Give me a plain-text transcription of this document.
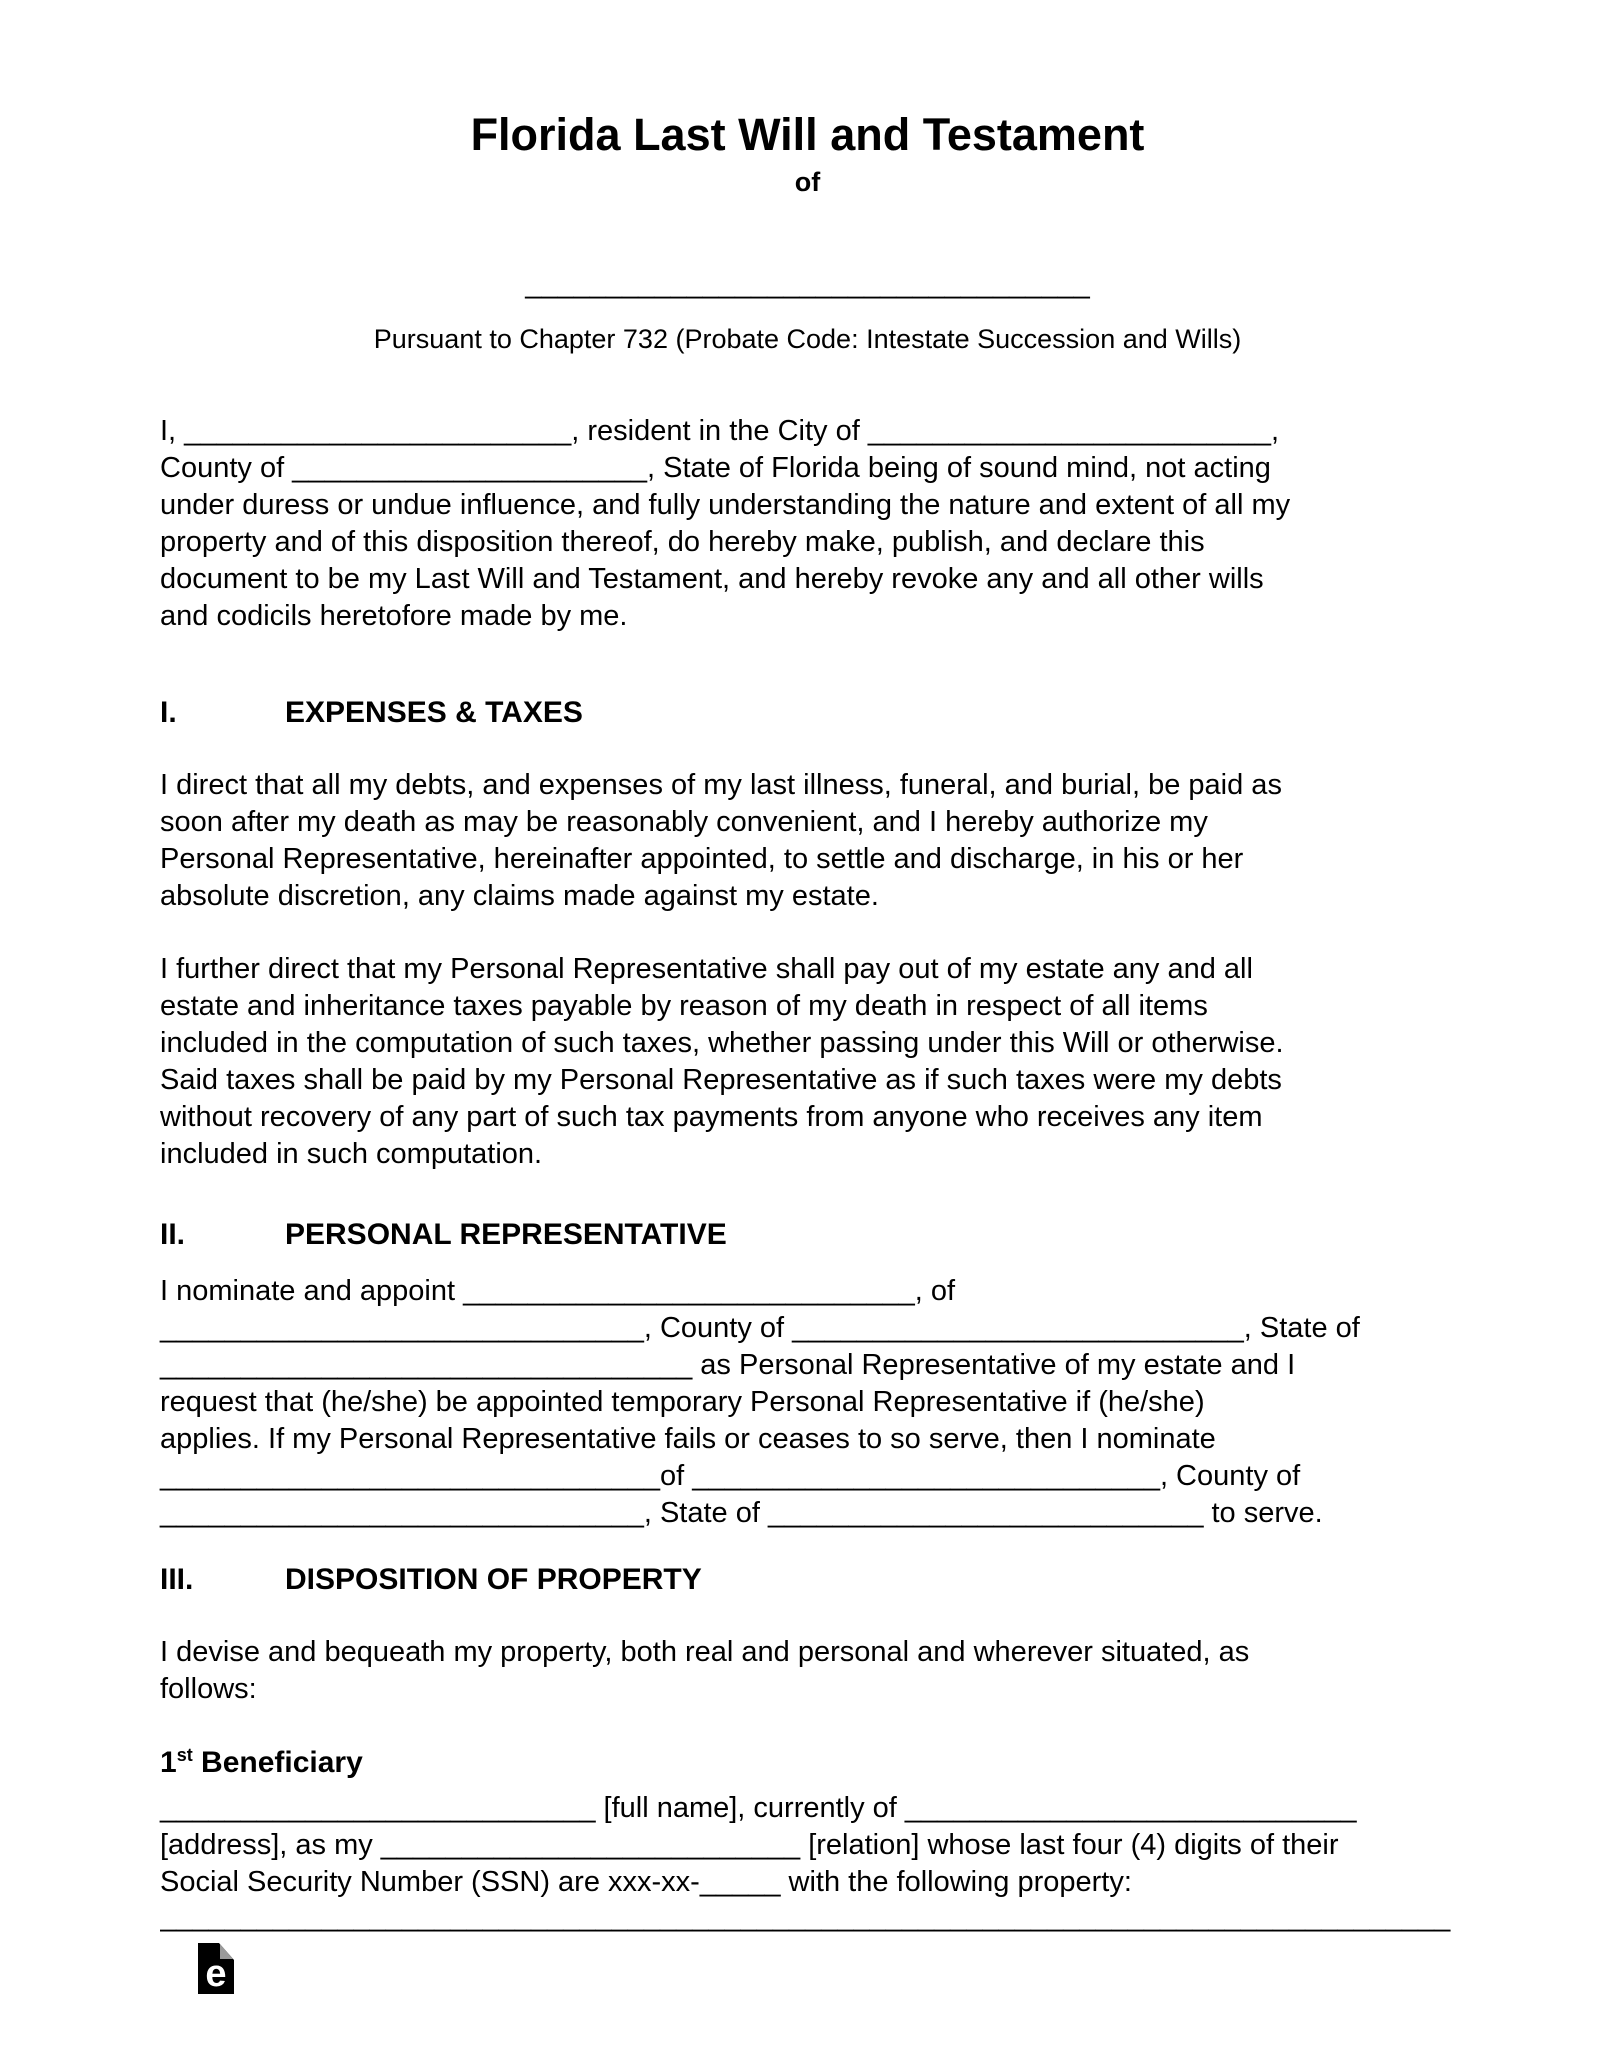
Florida Last Will and Testament
of
___________________________________
Pursuant to Chapter 732 (Probate Code: Intestate Succession and Wills)

I, ________________________, resident in the City of _________________________,
County of ______________________, State of Florida being of sound mind, not acting
under duress or undue influence, and fully understanding the nature and extent of all my
property and of this disposition thereof, do hereby make, publish, and declare this
document to be my Last Will and Testament, and hereby revoke any and all other wills
and codicils heretofore made by me.

I.	EXPENSES & TAXES

I direct that all my debts, and expenses of my last illness, funeral, and burial, be paid as
soon after my death as may be reasonably convenient, and I hereby authorize my
Personal Representative, hereinafter appointed, to settle and discharge, in his or her
absolute discretion, any claims made against my estate.

I further direct that my Personal Representative shall pay out of my estate any and all
estate and inheritance taxes payable by reason of my death in respect of all items
included in the computation of such taxes, whether passing under this Will or otherwise.
Said taxes shall be paid by my Personal Representative as if such taxes were my debts
without recovery of any part of such tax payments from anyone who receives any item
included in such computation.

II.	PERSONAL REPRESENTATIVE

I nominate and appoint ____________________________, of
______________________________, County of ____________________________, State of
_________________________________ as Personal Representative of my estate and I
request that (he/she) be appointed temporary Personal Representative if (he/she)
applies. If my Personal Representative fails or ceases to so serve, then I nominate
_______________________________of _____________________________, County of
______________________________, State of ___________________________ to serve.

III.	DISPOSITION OF PROPERTY

I devise and bequeath my property, both real and personal and wherever situated, as
follows:

1st Beneficiary

___________________________ [full name], currently of ____________________________
[address], as my __________________________ [relation] whose last four (4) digits of their
Social Security Number (SSN) are xxx-xx-_____ with the following property:

________________________________________________________________________________
e
